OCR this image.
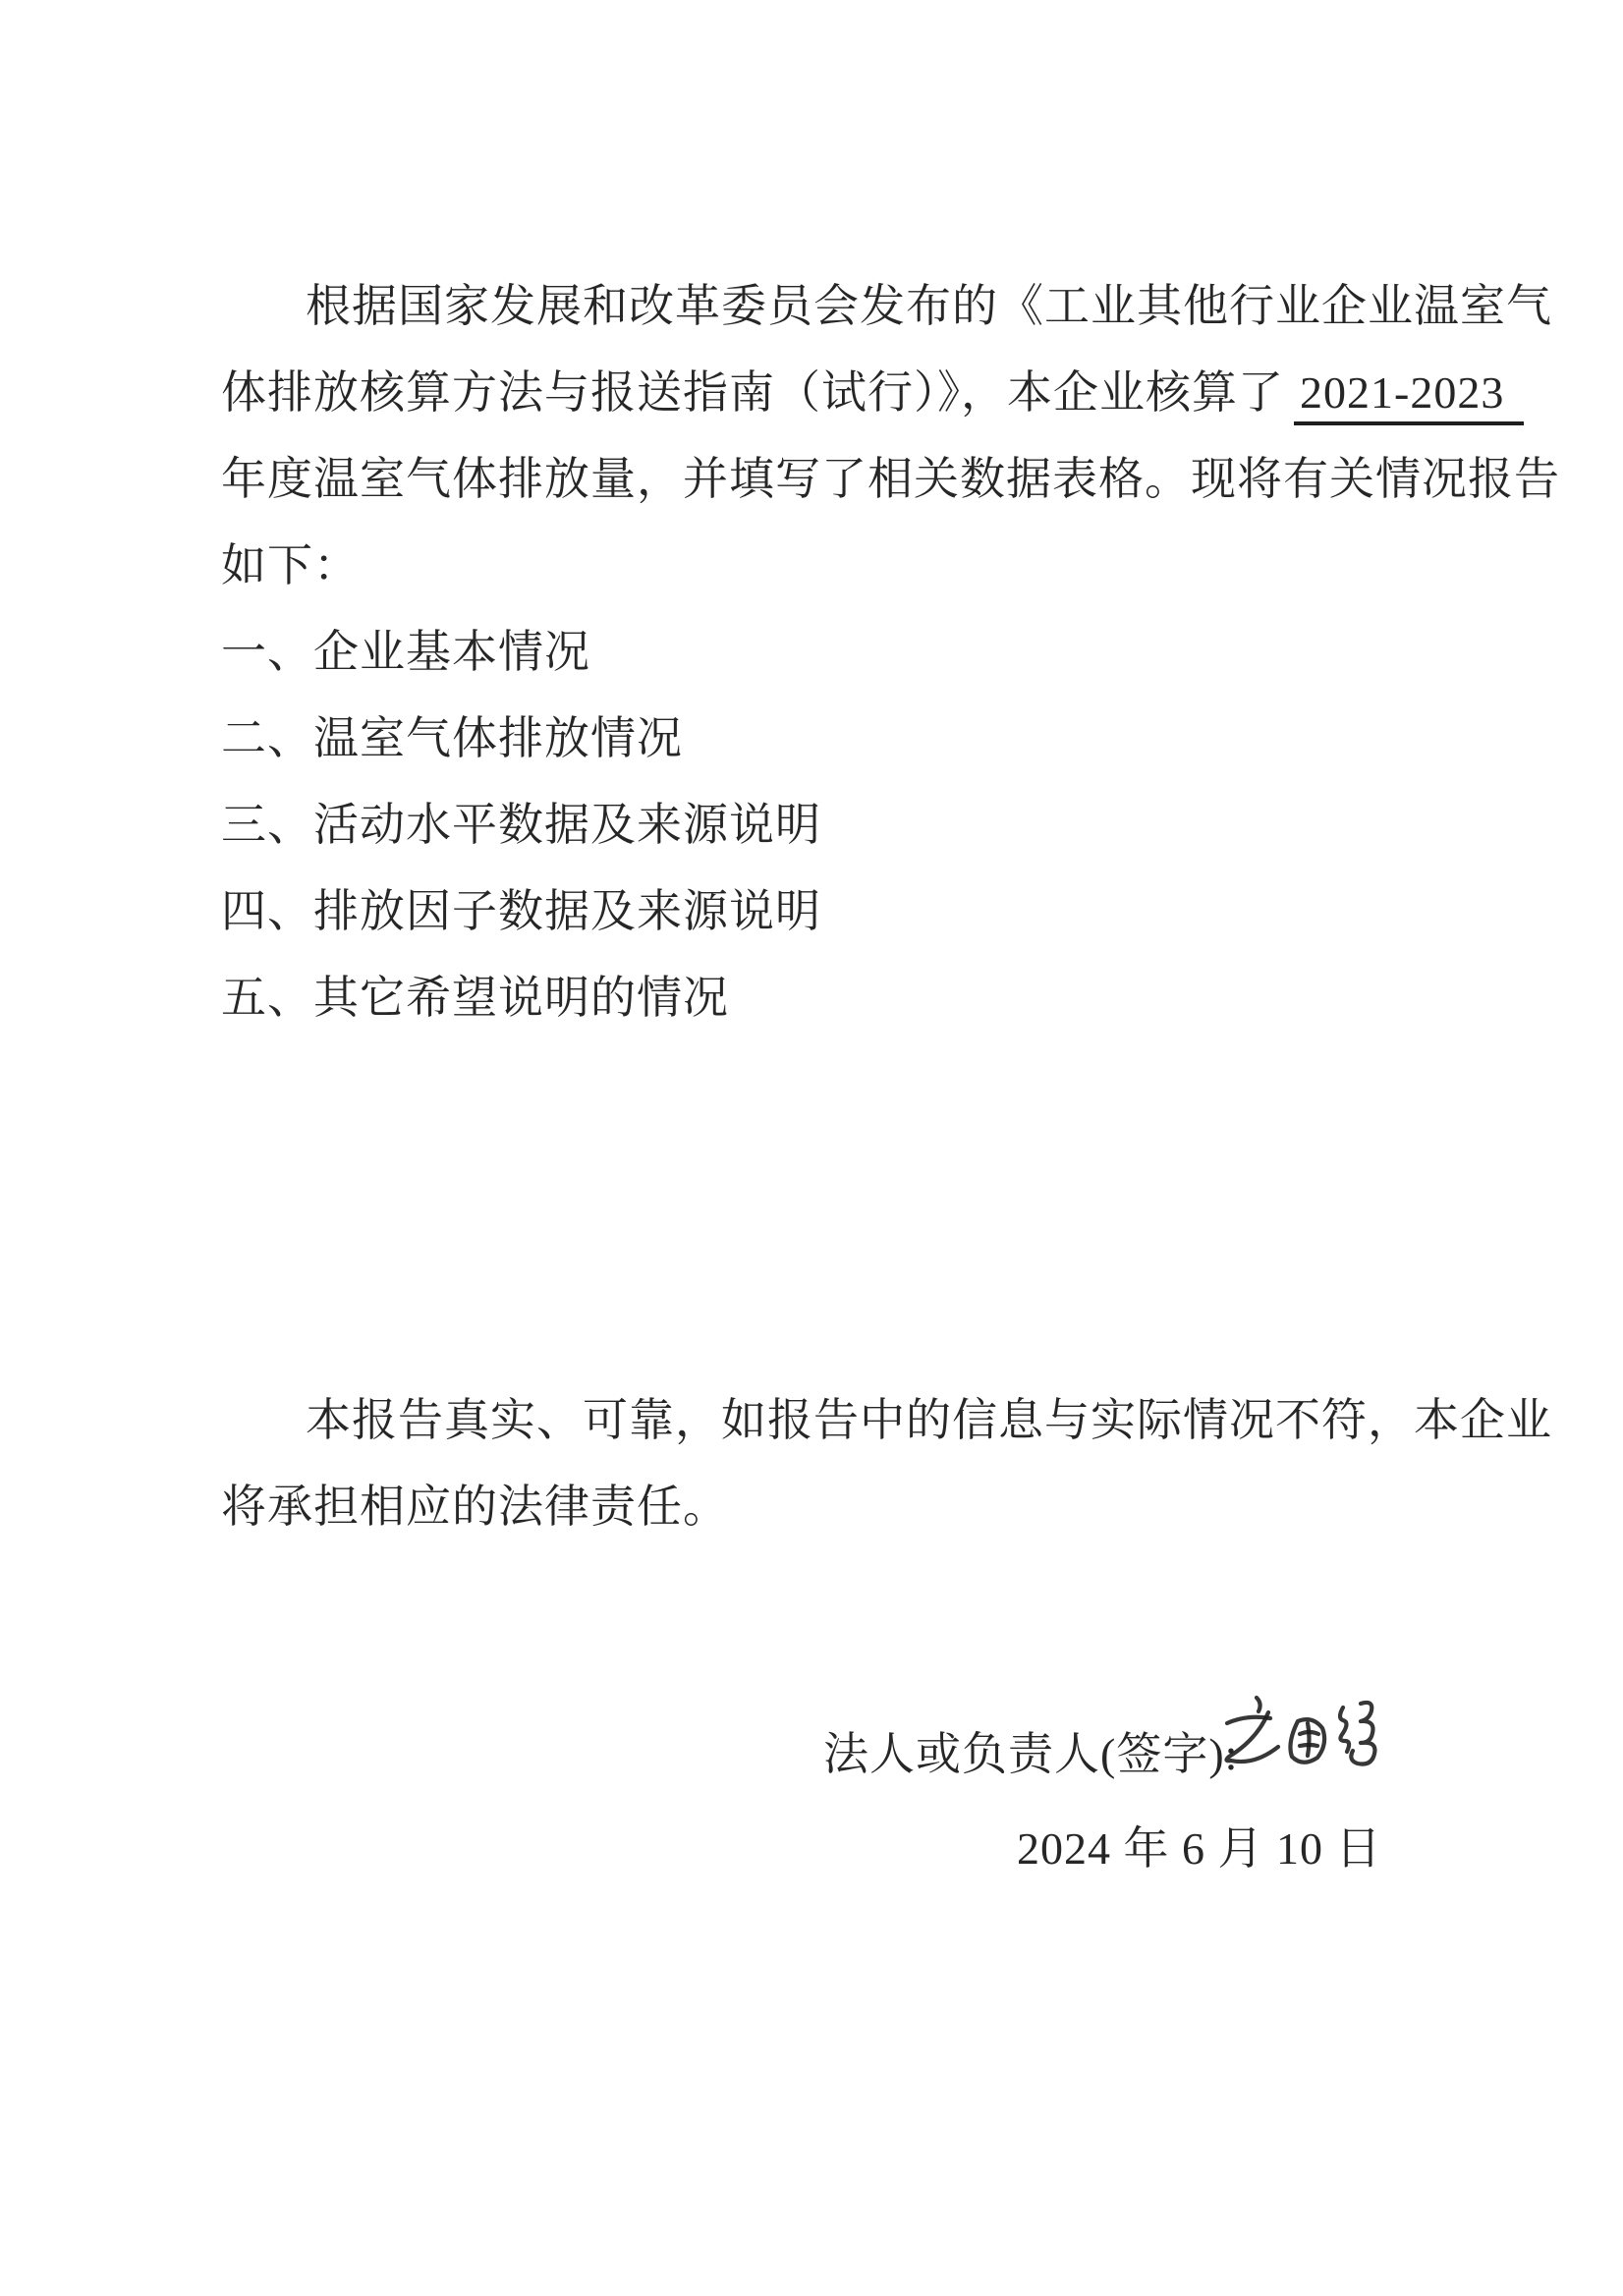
根据国家发展和改革委员会发布的《工业其他行业企业温室气
体排放核算方法与报送指南（试行）》，本企业核算了 2021-2023
年度温室气体排放量，并填写了相关数据表格。现将有关情况报告
如下：
一、企业基本情况
二、温室气体排放情况
三、活动水平数据及来源说明
四、排放因子数据及来源说明
五、其它希望说明的情况
本报告真实、可靠，如报告中的信息与实际情况不符，本企业
将承担相应的法律责任。
法人或负责人(签字):
2024 年 6 月 10 日
